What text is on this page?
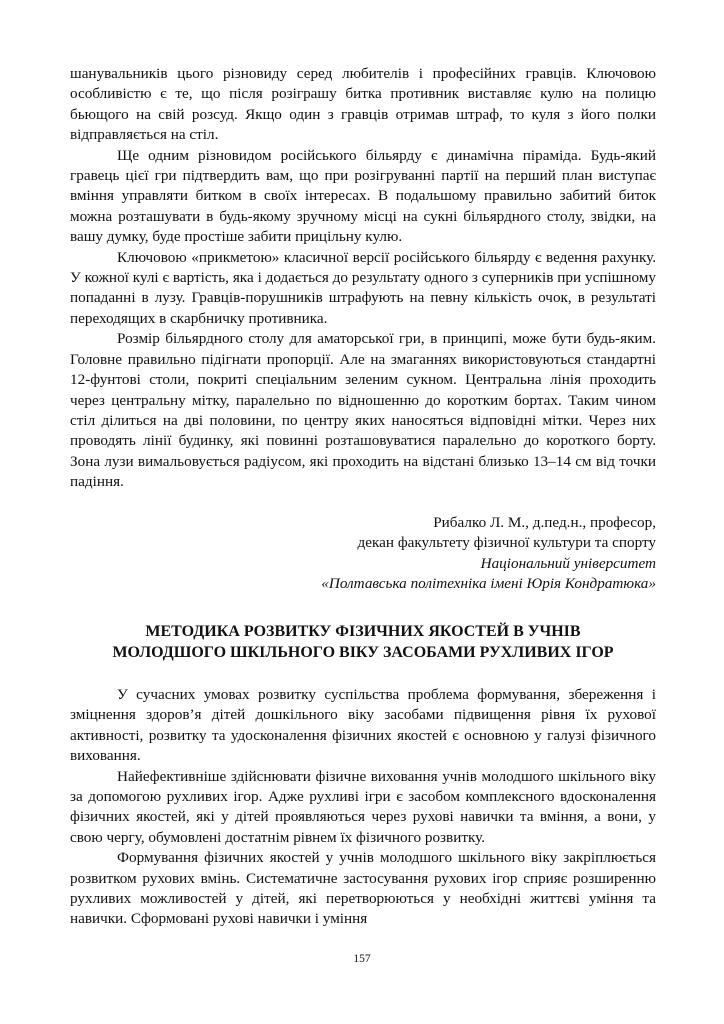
шанувальників цього різновиду серед любителів і професійних гравців. Ключовою особливістю є те, що після розіграшу битка противник виставляє кулю на полицю бьющого на свій розсуд. Якщо один з гравців отримав штраф, то куля з його полки відправляється на стіл.

Ще одним різновидом російського більярду є динамічна піраміда. Будь-який гравець цієї гри підтвердить вам, що при розігруванні партії на перший план виступає вміння управляти битком в своїх інтересах. В подальшому правильно забитий биток можна розташувати в будь-якому зручному місці на сукні більярдного столу, звідки, на вашу думку, буде простіше забити прицільну кулю.

Ключовою «прикметою» класичної версії російського більярду є ведення рахунку. У кожної кулі є вартість, яка і додається до результату одного з суперників при успішному попаданні в лузу. Гравців-порушників штрафують на певну кількість очок, в результаті переходящих в скарбничку противника.

Розмір більярдного столу для аматорської гри, в принципі, може бути будь-яким. Головне правильно підігнати пропорції. Але на змаганнях використовуються стандартні 12-фунтові столи, покриті спеціальним зеленим сукном. Центральна лінія проходить через центральну мітку, паралельно по відношенню до коротким бортах. Таким чином стіл ділиться на дві половини, по центру яких наносяться відповідні мітки. Через них проводять лінії будинку, які повинні розташовуватися паралельно до короткого борту. Зона лузи вимальовується радіусом, які проходить на відстані близько 13–14 см від точки падіння.

Рибалко Л. М., д.пед.н., професор,
декан факультету фізичної культури та спорту
Національний університет
«Полтавська політехніка імені Юрія Кондратюка»
МЕТОДИКА РОЗВИТКУ ФІЗИЧНИХ ЯКОСТЕЙ В УЧНІВ
МОЛОДШОГО ШКІЛЬНОГО ВІКУ ЗАСОБАМИ РУХЛИВИХ ІГОР

У сучасних умовах розвитку суспільства проблема формування, збереження і зміцнення здоров’я дітей дошкільного віку засобами підвищення рівня їх рухової активності, розвитку та удосконалення фізичних якостей є основною у галузі фізичного виховання.

Найефективніше здійснювати фізичне виховання учнів молодшого шкільного віку за допомогою рухливих ігор. Адже рухливі ігри є засобом комплексного вдосконалення фізичних якостей, які у дітей проявляються через рухові навички та вміння, а вони, у свою чергу, обумовлені достатнім рівнем їх фізичного розвитку.

Формування фізичних якостей у учнів молодшого шкільного віку закріплюється розвитком рухових вмінь. Систематичне застосування рухових ігор сприяє розширенню рухливих можливостей у дітей, які перетворюються у необхідні життєві уміння та навички. Сформовані рухові навички і уміння

157
